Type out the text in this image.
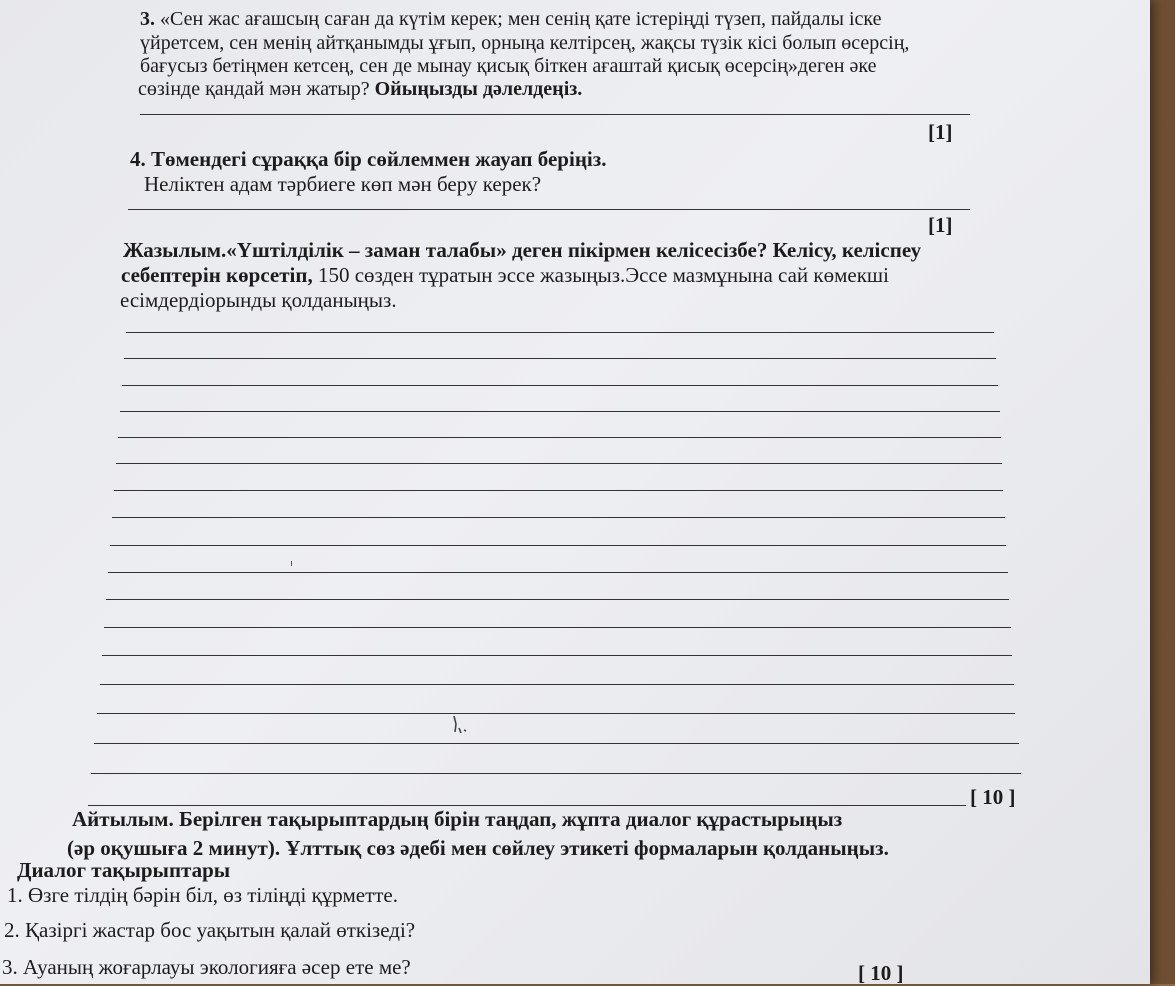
3. «Сен жас ағашсың саған да күтім керек; мен сенің қате істеріңді түзеп, пайдалы іске
үйретсем, сен менің айтқанымды ұғып, орныңа келтірсең, жақсы түзік кісі болып өсерсің,
бағусыз бетіңмен кетсең, сен де мынау қисық біткен ағаштай қисық өсерсің»деген әке
сөзінде қандай мән жатыр? Ойыңызды дәлелдеңіз.
[1]
4. Төмендегі сұраққа бір сөйлеммен жауап беріңіз.
Неліктен адам тәрбиеге көп мән беру керек?
[1]
Жазылым.«Үштілділік – заман талабы» деген пікірмен келісесізбе? Келісу, келіспеу
себептерін көрсетіп, 150 сөзден тұратын эссе жазыңыз.Эссе мазмұнына сай көмекші
есімдердіорынды қолданыңыз.
[ 10 ]
Айтылым. Берілген тақырыптардың бірін таңдап, жұпта диалог құрастырыңыз
(әр оқушыға 2 минут). Ұлттық сөз әдебі мен сөйлеу этикеті формаларын қолданыңыз.
Диалог тақырыптары
1. Өзге тілдің бәрін біл, өз тіліңді құрметте.
2. Қазіргі жастар бос уақытын қалай өткізеді?
3. Ауаның жоғарлауы экологияға әсер ете ме?	[ 10 ]
